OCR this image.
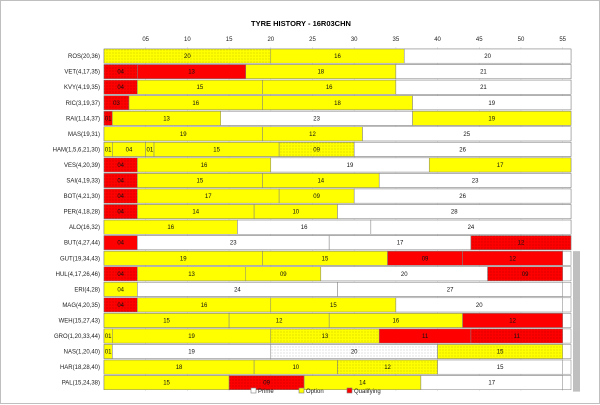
TYRE HISTORY - 16R03CHN
05	10	15	20	25	30	35	40	45	50	55
ROS(20,36)	20	16	20
VET(4,17,35)	04	13	18	21
KVY(4,19,35)	04	15	16	21
RIC(3,19,37) 03	16	18	19
RAI(1,14,37) 01	13	23	19
MAS(19,31)	19	12	25
HAM(1,5,6,21,30) 01 04 01	15	09	26
VES(4,20,39)	04	16	19	17
SAI(4,19,33)	04	15	14	23
BOT(4,21,30)	04	17	09	26
PER(4,18,28)	04	14	10	28
ALO(16,32)	16	16	24
BUT(4,27,44)	04	23	17	12
GUT(19,34,43)	19	15	09	12
HUL(4,17,26,46)	04	13	09	20	09
ERI(4,28)	04	24	27
MAG(4,20,35)	04	16	15	20
WEH(15,27,43)	15	12	16	12
GRO(1,20,33,44) 01	19	13	11	11
NAS(1,20,40) 01	19	20	15
HAR(18,28,40)	18	10	12	15
PAL(15,24,38)	15	09	14	17
Prime	Option	Qualifying
